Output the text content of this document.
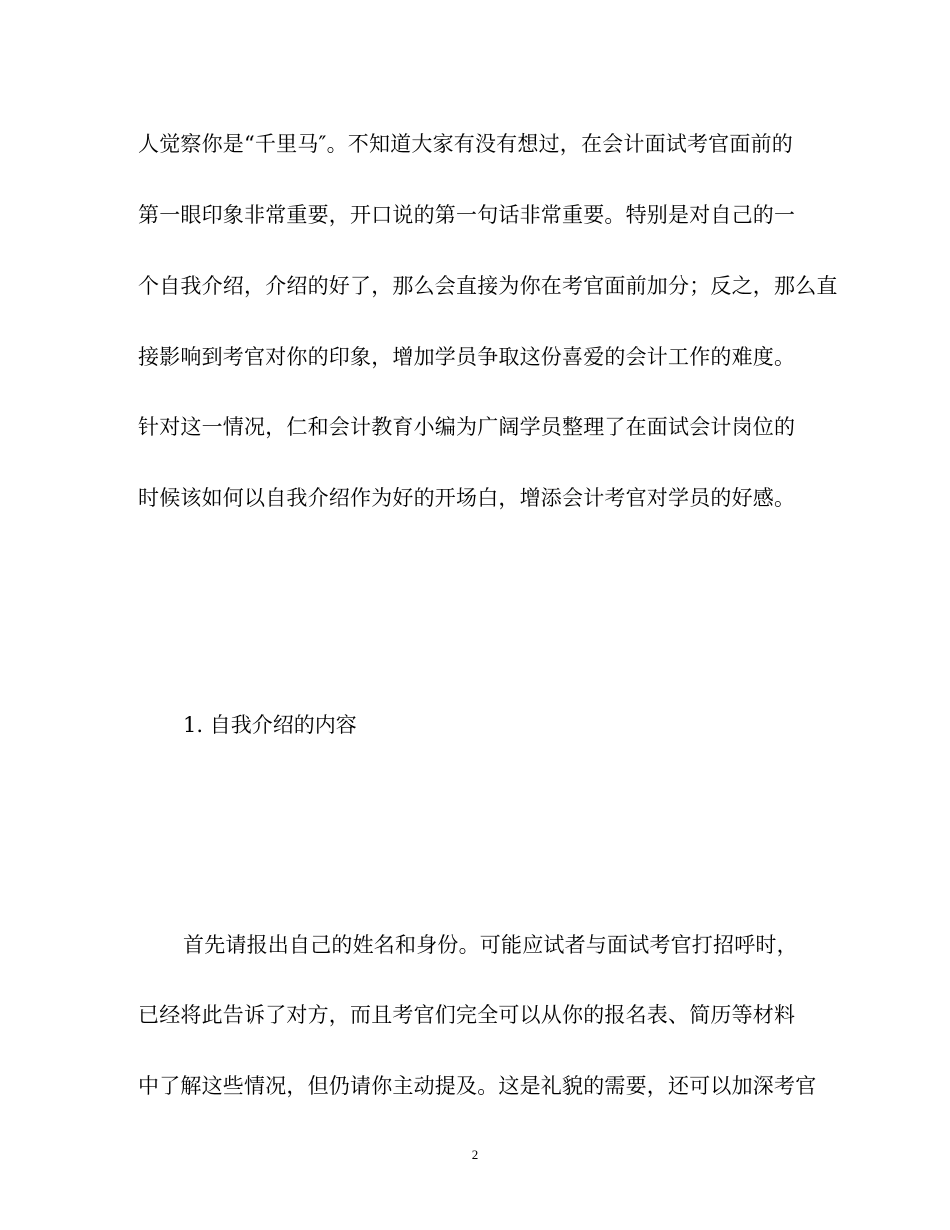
人觉察你是“千里马″。不知道大家有没有想过，在会计面试考官面前的
第一眼印象非常重要，开口说的第一句话非常重要。特别是对自己的一
个自我介绍，介绍的好了，那么会直接为你在考官面前加分；反之，那么直
接影响到考官对你的印象，增加学员争取这份喜爱的会计工作的难度。
针对这一情况，仁和会计教育小编为广阔学员整理了在面试会计岗位的
时候该如何以自我介绍作为好的开场白，增添会计考官对学员的好感。
1. 自我介绍的内容
首先请报出自己的姓名和身份。可能应试者与面试考官打招呼时，
已经将此告诉了对方，而且考官们完全可以从你的报名表、简历等材料
中了解这些情况，但仍请你主动提及。这是礼貌的需要，还可以加深考官
2
